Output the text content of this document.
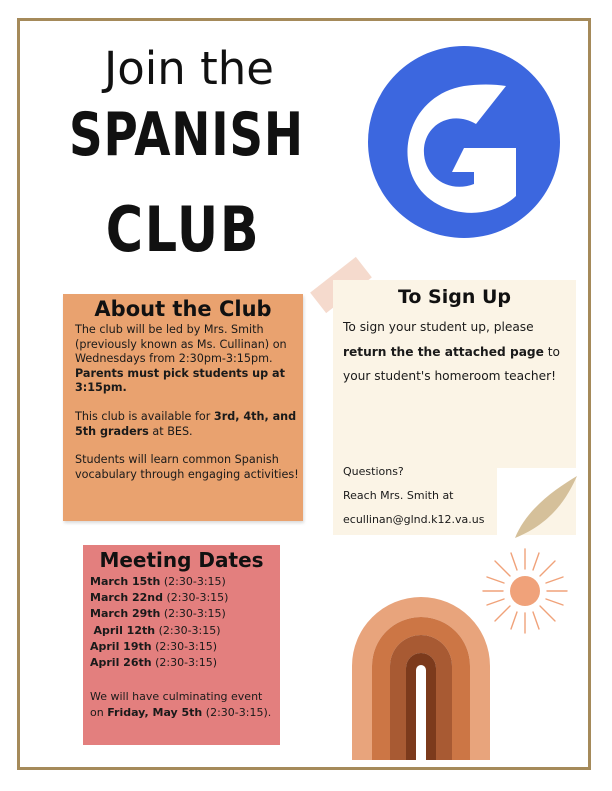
Join the
SPANISH
CLUB
About the Club

The club will be led by Mrs. Smith (previously known as Ms. Cullinan) on Wednesdays from 2:30pm-3:15pm. Parents must pick students up at 3:15pm.

This club is available for 3rd, 4th, and 5th graders at BES.

Students will learn common Spanish vocabulary through engaging activities!

To Sign Up
To sign your student up, please return the the attached page to your student's homeroom teacher!
Questions?
Reach Mrs. Smith at
ecullinan@glnd.k12.va.us
Meeting Dates
March 15th (2:30-3:15)
March 22nd (2:30-3:15)
March 29th (2:30-3:15)
April 12th (2:30-3:15)
April 19th (2:30-3:15)
April 26th (2:30-3:15)
We will have culminating event on Friday, May 5th (2:30-3:15).
